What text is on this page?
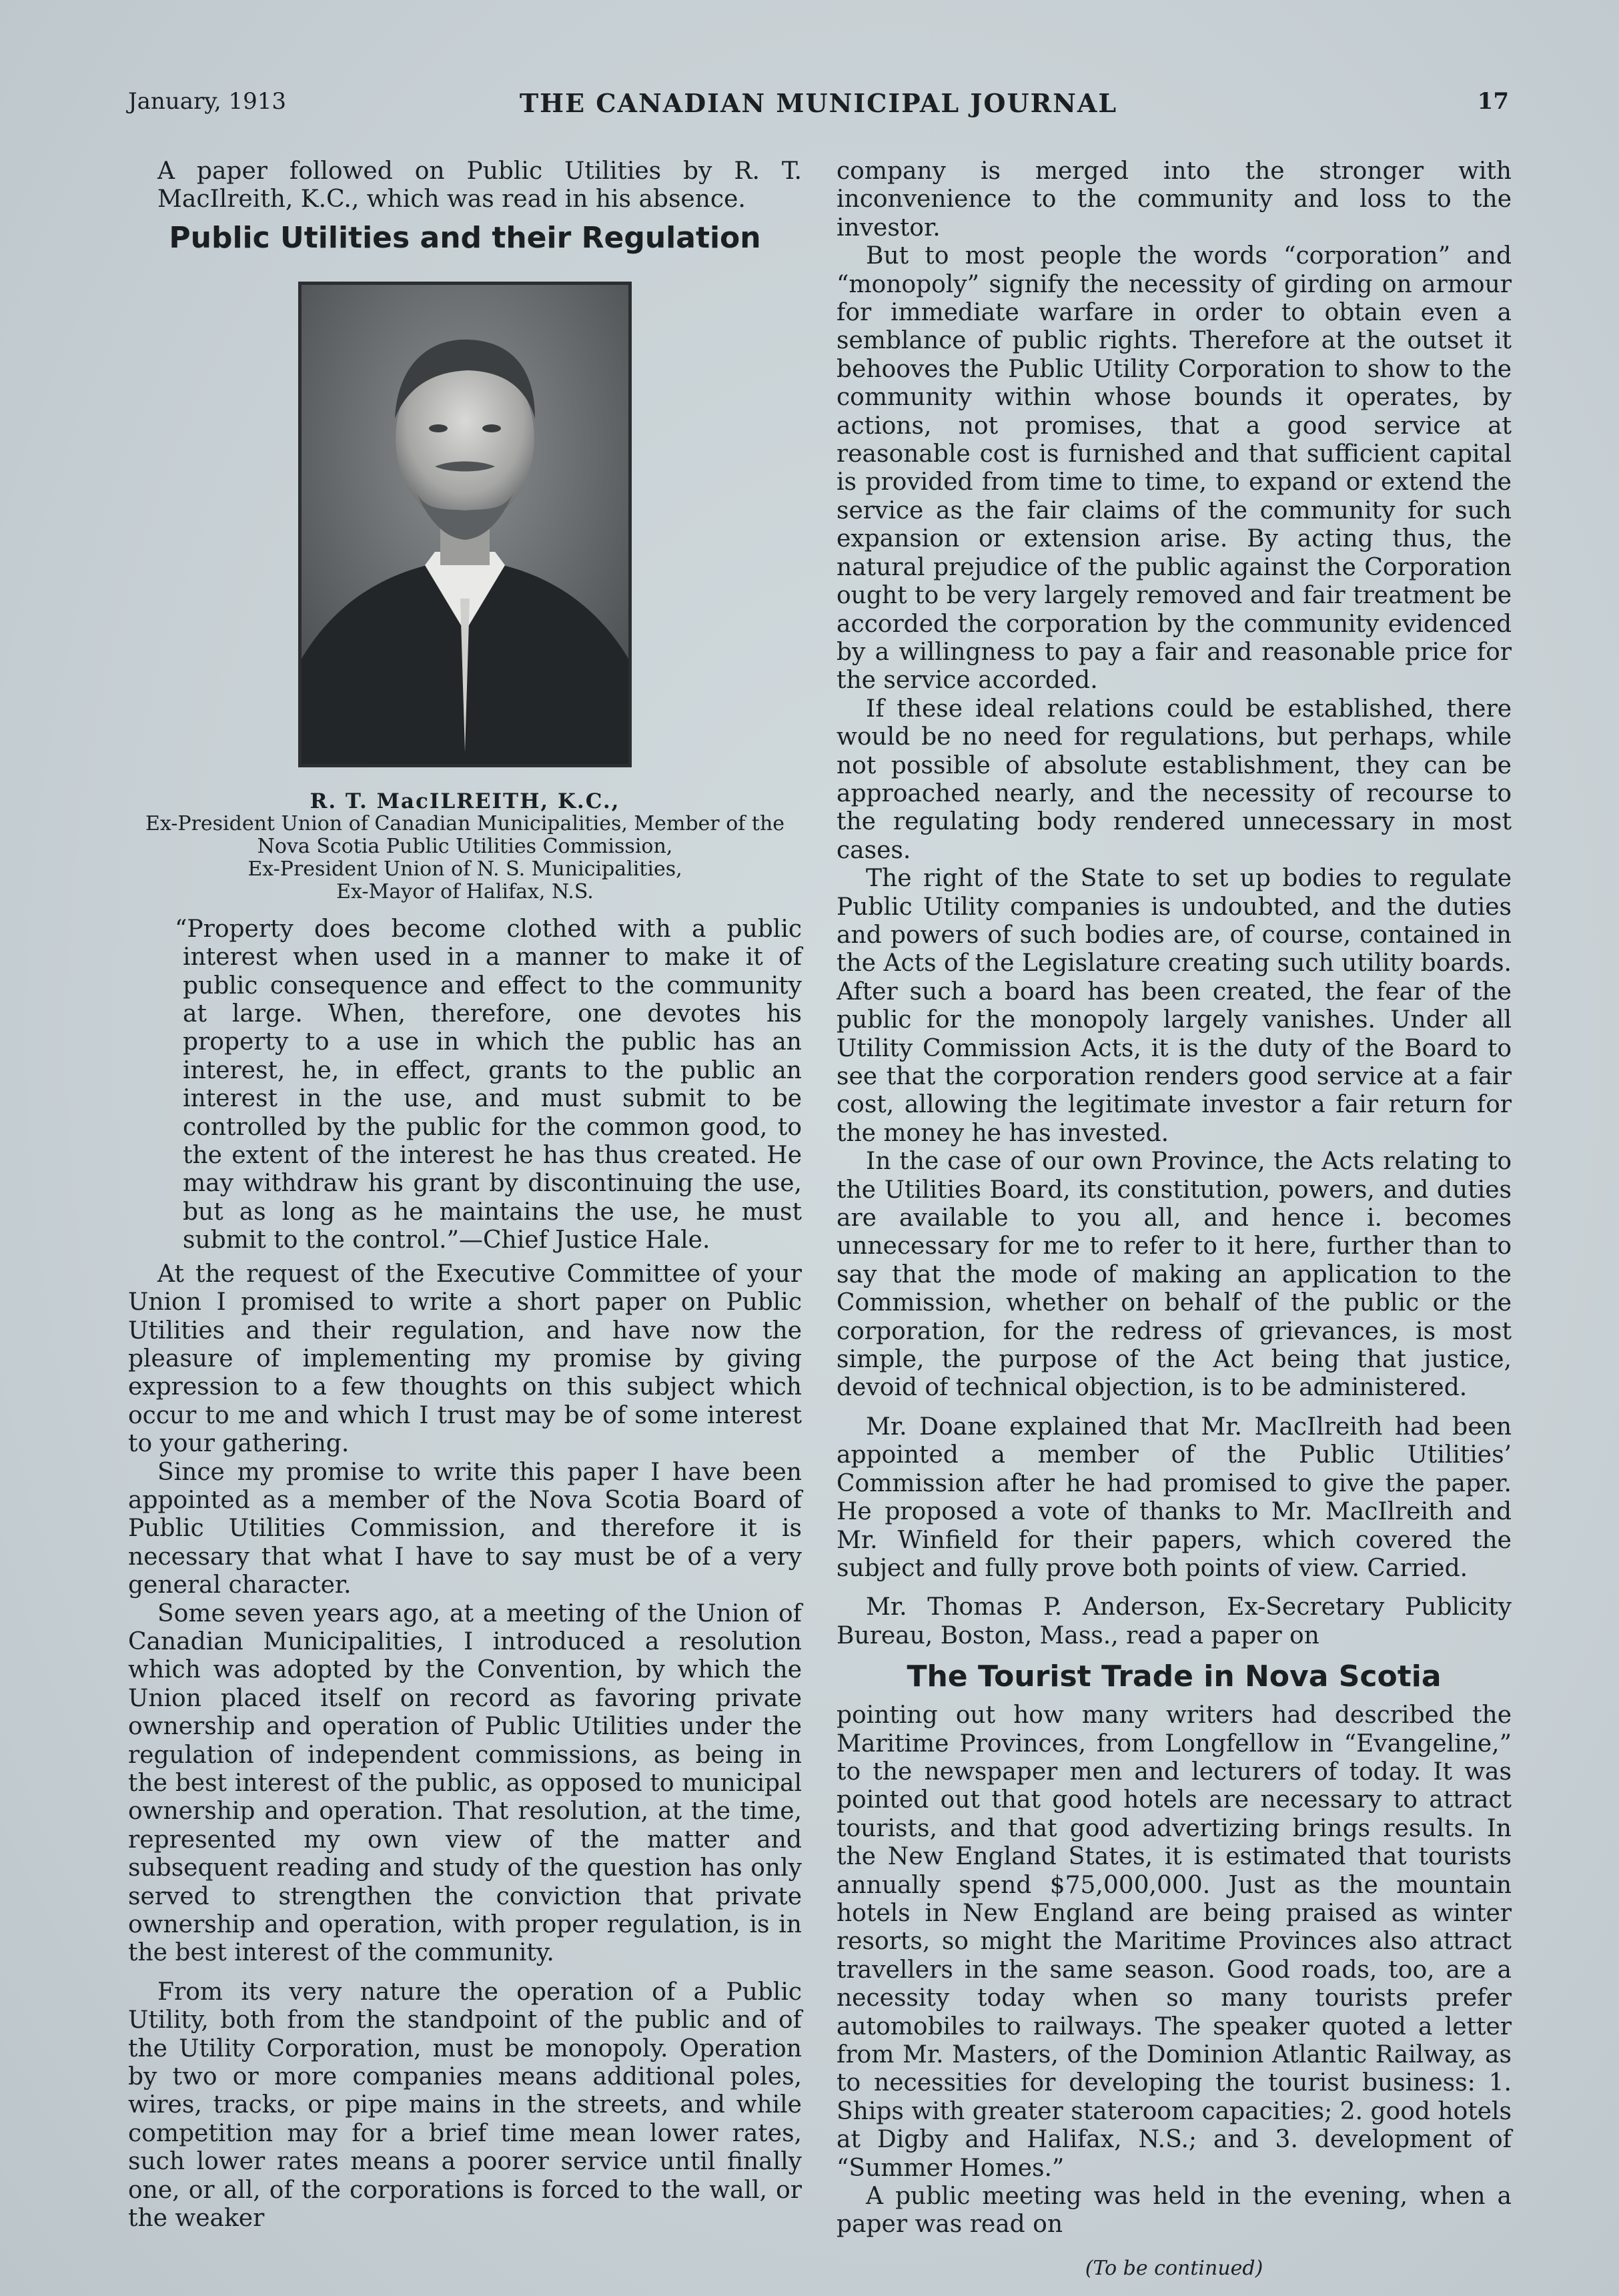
January, 1913	THE CANADIAN MUNICIPAL JOURNAL	17

A paper followed on Public Utilities by R. T. MacIlreith, K.C., which was read in his absence.

Public Utilities and their Regulation
R. T. MacILREITH, K.C.,
Ex-President Union of Canadian Municipalities, Member of the Nova Scotia Public Utilities Commission,
Ex-President Union of N. S. Municipalities,
Ex-Mayor of Halifax, N.S.

“Property does become clothed with a public interest when used in a manner to make it of public consequence and effect to the community at large. When, therefore, one devotes his property to a use in which the public has an interest, he, in effect, grants to the public an interest in the use, and must submit to be controlled by the public for the common good, to the extent of the interest he has thus created. He may withdraw his grant by discontinuing the use, but as long as he maintains the use, he must submit to the control.”—Chief Justice Hale.

At the request of the Executive Committee of your Union I promised to write a short paper on Public Utilities and their regulation, and have now the pleasure of implementing my promise by giving expression to a few thoughts on this subject which occur to me and which I trust may be of some interest to your gathering.

Since my promise to write this paper I have been appointed as a member of the Nova Scotia Board of Public Utilities Commission, and therefore it is necessary that what I have to say must be of a very general character.

Some seven years ago, at a meeting of the Union of Canadian Municipalities, I introduced a resolution which was adopted by the Convention, by which the Union placed itself on record as favoring private ownership and operation of Public Utilities under the regulation of independent commissions, as being in the best interest of the public, as opposed to municipal ownership and operation. That resolution, at the time, represented my own view of the matter and subsequent reading and study of the question has only served to strengthen the conviction that private ownership and operation, with proper regulation, is in the best interest of the community.

From its very nature the operation of a Public Utility, both from the standpoint of the public and of the Utility Corporation, must be monopoly. Operation by two or more companies means additional poles, wires, tracks, or pipe mains in the streets, and while competition may for a brief time mean lower rates, such lower rates means a poorer service until finally one, or all, of the corporations is forced to the wall, or the weaker

company is merged into the stronger with inconvenience to the community and loss to the investor.

But to most people the words “corporation” and “monopoly” signify the necessity of girding on armour for immediate warfare in order to obtain even a semblance of public rights. Therefore at the outset it behooves the Public Utility Corporation to show to the community within whose bounds it operates, by actions, not promises, that a good service at reasonable cost is furnished and that sufficient capital is provided from time to time, to expand or extend the service as the fair claims of the community for such expansion or extension arise. By acting thus, the natural prejudice of the public against the Corporation ought to be very largely removed and fair treatment be accorded the corporation by the community evidenced by a willingness to pay a fair and reasonable price for the service accorded.

If these ideal relations could be established, there would be no need for regulations, but perhaps, while not possible of absolute establishment, they can be approached nearly, and the necessity of recourse to the regulating body rendered unnecessary in most cases.

The right of the State to set up bodies to regulate Public Utility companies is undoubted, and the duties and powers of such bodies are, of course, contained in the Acts of the Legislature creating such utility boards. After such a board has been created, the fear of the public for the monopoly largely vanishes. Under all Utility Commission Acts, it is the duty of the Board to see that the corporation renders good service at a fair cost, allowing the legitimate investor a fair return for the money he has invested.

In the case of our own Province, the Acts relating to the Utilities Board, its constitution, powers, and duties are available to you all, and hence i. becomes unnecessary for me to refer to it here, further than to say that the mode of making an application to the Commission, whether on behalf of the public or the corporation, for the redress of grievances, is most simple, the purpose of the Act being that justice, devoid of technical objection, is to be administered.

Mr. Doane explained that Mr. MacIlreith had been appointed a member of the Public Utilities’ Commission after he had promised to give the paper. He proposed a vote of thanks to Mr. MacIlreith and Mr. Winfield for their papers, which covered the subject and fully prove both points of view. Carried.

Mr. Thomas P. Anderson, Ex-Secretary Publicity Bureau, Boston, Mass., read a paper on

The Tourist Trade in Nova Scotia

pointing out how many writers had described the Maritime Provinces, from Longfellow in “Evangeline,” to the newspaper men and lecturers of today. It was pointed out that good hotels are necessary to attract tourists, and that good advertizing brings results. In the New England States, it is estimated that tourists annually spend $75,000,000. Just as the mountain hotels in New England are being praised as winter resorts, so might the Maritime Provinces also attract travellers in the same season. Good roads, too, are a necessity today when so many tourists prefer automobiles to railways. The speaker quoted a letter from Mr. Masters, of the Dominion Atlantic Railway, as to necessities for developing the tourist business: 1. Ships with greater stateroom capacities; 2. good hotels at Digby and Halifax, N.S.; and 3. development of “Summer Homes.”

A public meeting was held in the evening, when a paper was read on

(To be continued)
